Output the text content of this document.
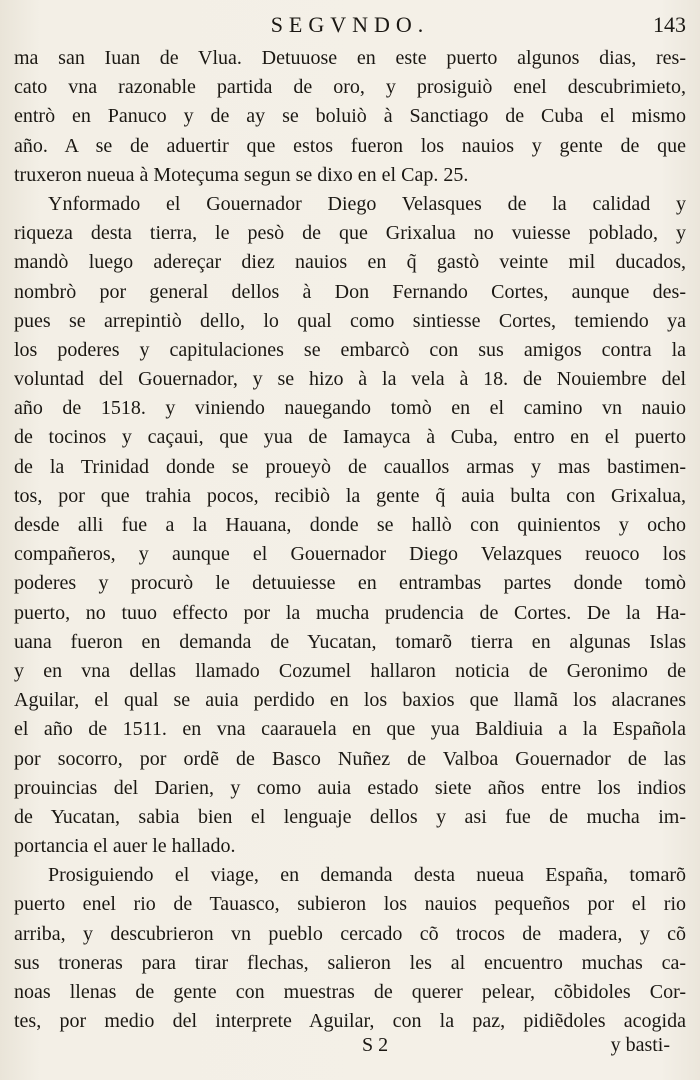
SEGVNDO.	143
ma san Iuan de Vlua. Detuuose en este puerto algunos dias, res-
cato vna razonable partida de oro, y prosiguiò enel descubrimieto,
entrò en Panuco y de ay se boluiò à Sanctiago de Cuba el mismo
año. A se de aduertir que estos fueron los nauios y gente de que
truxeron nueua à Moteçuma segun se dixo en el Cap. 25.
Ynformado el Gouernador Diego Velasques de la calidad y
riqueza desta tierra, le pesò de que Grixalua no vuiesse poblado, y
mandò luego adereçar diez nauios en q̃ gastò veinte mil ducados,
nombrò por general dellos à Don Fernando Cortes, aunque des-
pues se arrepintiò dello, lo qual como sintiesse Cortes, temiendo ya
los poderes y capitulaciones se embarcò con sus amigos contra la
voluntad del Gouernador, y se hizo à la vela à 18. de Nouiembre del
año de 1518. y viniendo nauegando tomò en el camino vn nauio
de tocinos y caçaui, que yua de Iamayca à Cuba, entro en el puerto
de la Trinidad donde se proueyò de cauallos armas y mas bastimen-
tos, por que trahia pocos, recibiò la gente q̃ auia bulta con Grixalua,
desde alli fue a la Hauana, donde se hallò con quinientos y ocho
compañeros, y aunque el Gouernador Diego Velazques reuoco los
poderes y procurò le detuuiesse en entrambas partes donde tomò
puerto, no tuuo effecto por la mucha prudencia de Cortes. De la Ha-
uana fueron en demanda de Yucatan, tomarõ tierra en algunas Islas
y en vna dellas llamado Cozumel hallaron noticia de Geronimo de
Aguilar, el qual se auia perdido en los baxios que llamã los alacranes
el año de 1511. en vna caarauela en que yua Baldiuia a la Española
por socorro, por ordẽ de Basco Nuñez de Valboa Gouernador de las
prouincias del Darien, y como auia estado siete años entre los indios
de Yucatan, sabia bien el lenguaje dellos y asi fue de mucha im-
portancia el auer le hallado.
Prosiguiendo el viage, en demanda desta nueua España, tomarõ
puerto enel rio de Tauasco, subieron los nauios pequeños por el rio
arriba, y descubrieron vn pueblo cercado cõ trocos de madera, y cõ
sus troneras para tirar flechas, salieron les al encuentro muchas ca-
noas llenas de gente con muestras de querer pelear, cõbidoles Cor-
tes, por medio del interprete Aguilar, con la paz, pidiẽdoles acogida
S 2	y basti-
